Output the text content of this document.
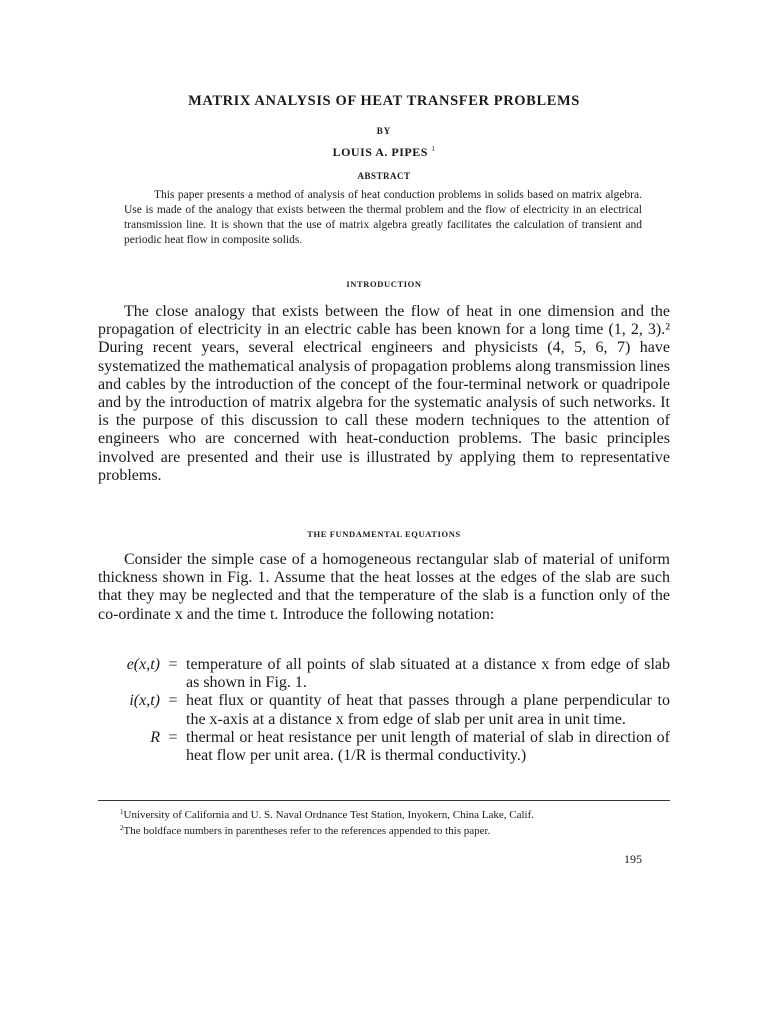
MATRIX ANALYSIS OF HEAT TRANSFER PROBLEMS
BY
LOUIS A. PIPES $^1$
ABSTRACT

This paper presents a method of analysis of heat conduction problems in solids based on matrix algebra. Use is made of the analogy that exists between the thermal problem and the flow of electricity in an electrical transmission line. It is shown that the use of matrix algebra greatly facilitates the calculation of transient and periodic heat flow in composite solids.

INTRODUCTION

The close analogy that exists between the flow of heat in one dimension and the propagation of electricity in an electric cable has been known for a long time (1, 2, 3).² During recent years, several electrical engineers and physicists (4, 5, 6, 7) have systematized the mathematical analysis of propagation problems along transmission lines and cables by the introduction of the concept of the four-terminal network or quadripole and by the introduction of matrix algebra for the systematic analysis of such networks. It is the purpose of this discussion to call these modern techniques to the attention of engineers who are concerned with heat-conduction problems. The basic principles involved are presented and their use is illustrated by applying them to representative problems.

THE FUNDAMENTAL EQUATIONS

Consider the simple case of a homogeneous rectangular slab of material of uniform thickness shown in Fig. 1. Assume that the heat losses at the edges of the slab are such that they may be neglected and that the temperature of the slab is a function only of the co-ordinate x and the time t. Introduce the following notation:

e(x,t) = temperature of all points of slab situated at a distance x from edge of slab as shown in Fig. 1.
i(x,t) = heat flux or quantity of heat that passes through a plane perpendicular to the x-axis at a distance x from edge of slab per unit area in unit time.
R = thermal or heat resistance per unit length of material of slab in direction of heat flow per unit area. (1/R is thermal conductivity.)

$^1$University of California and U. S. Naval Ordnance Test Station, Inyokern, China Lake, Calif.

$^2$The boldface numbers in parentheses refer to the references appended to this paper.

195
